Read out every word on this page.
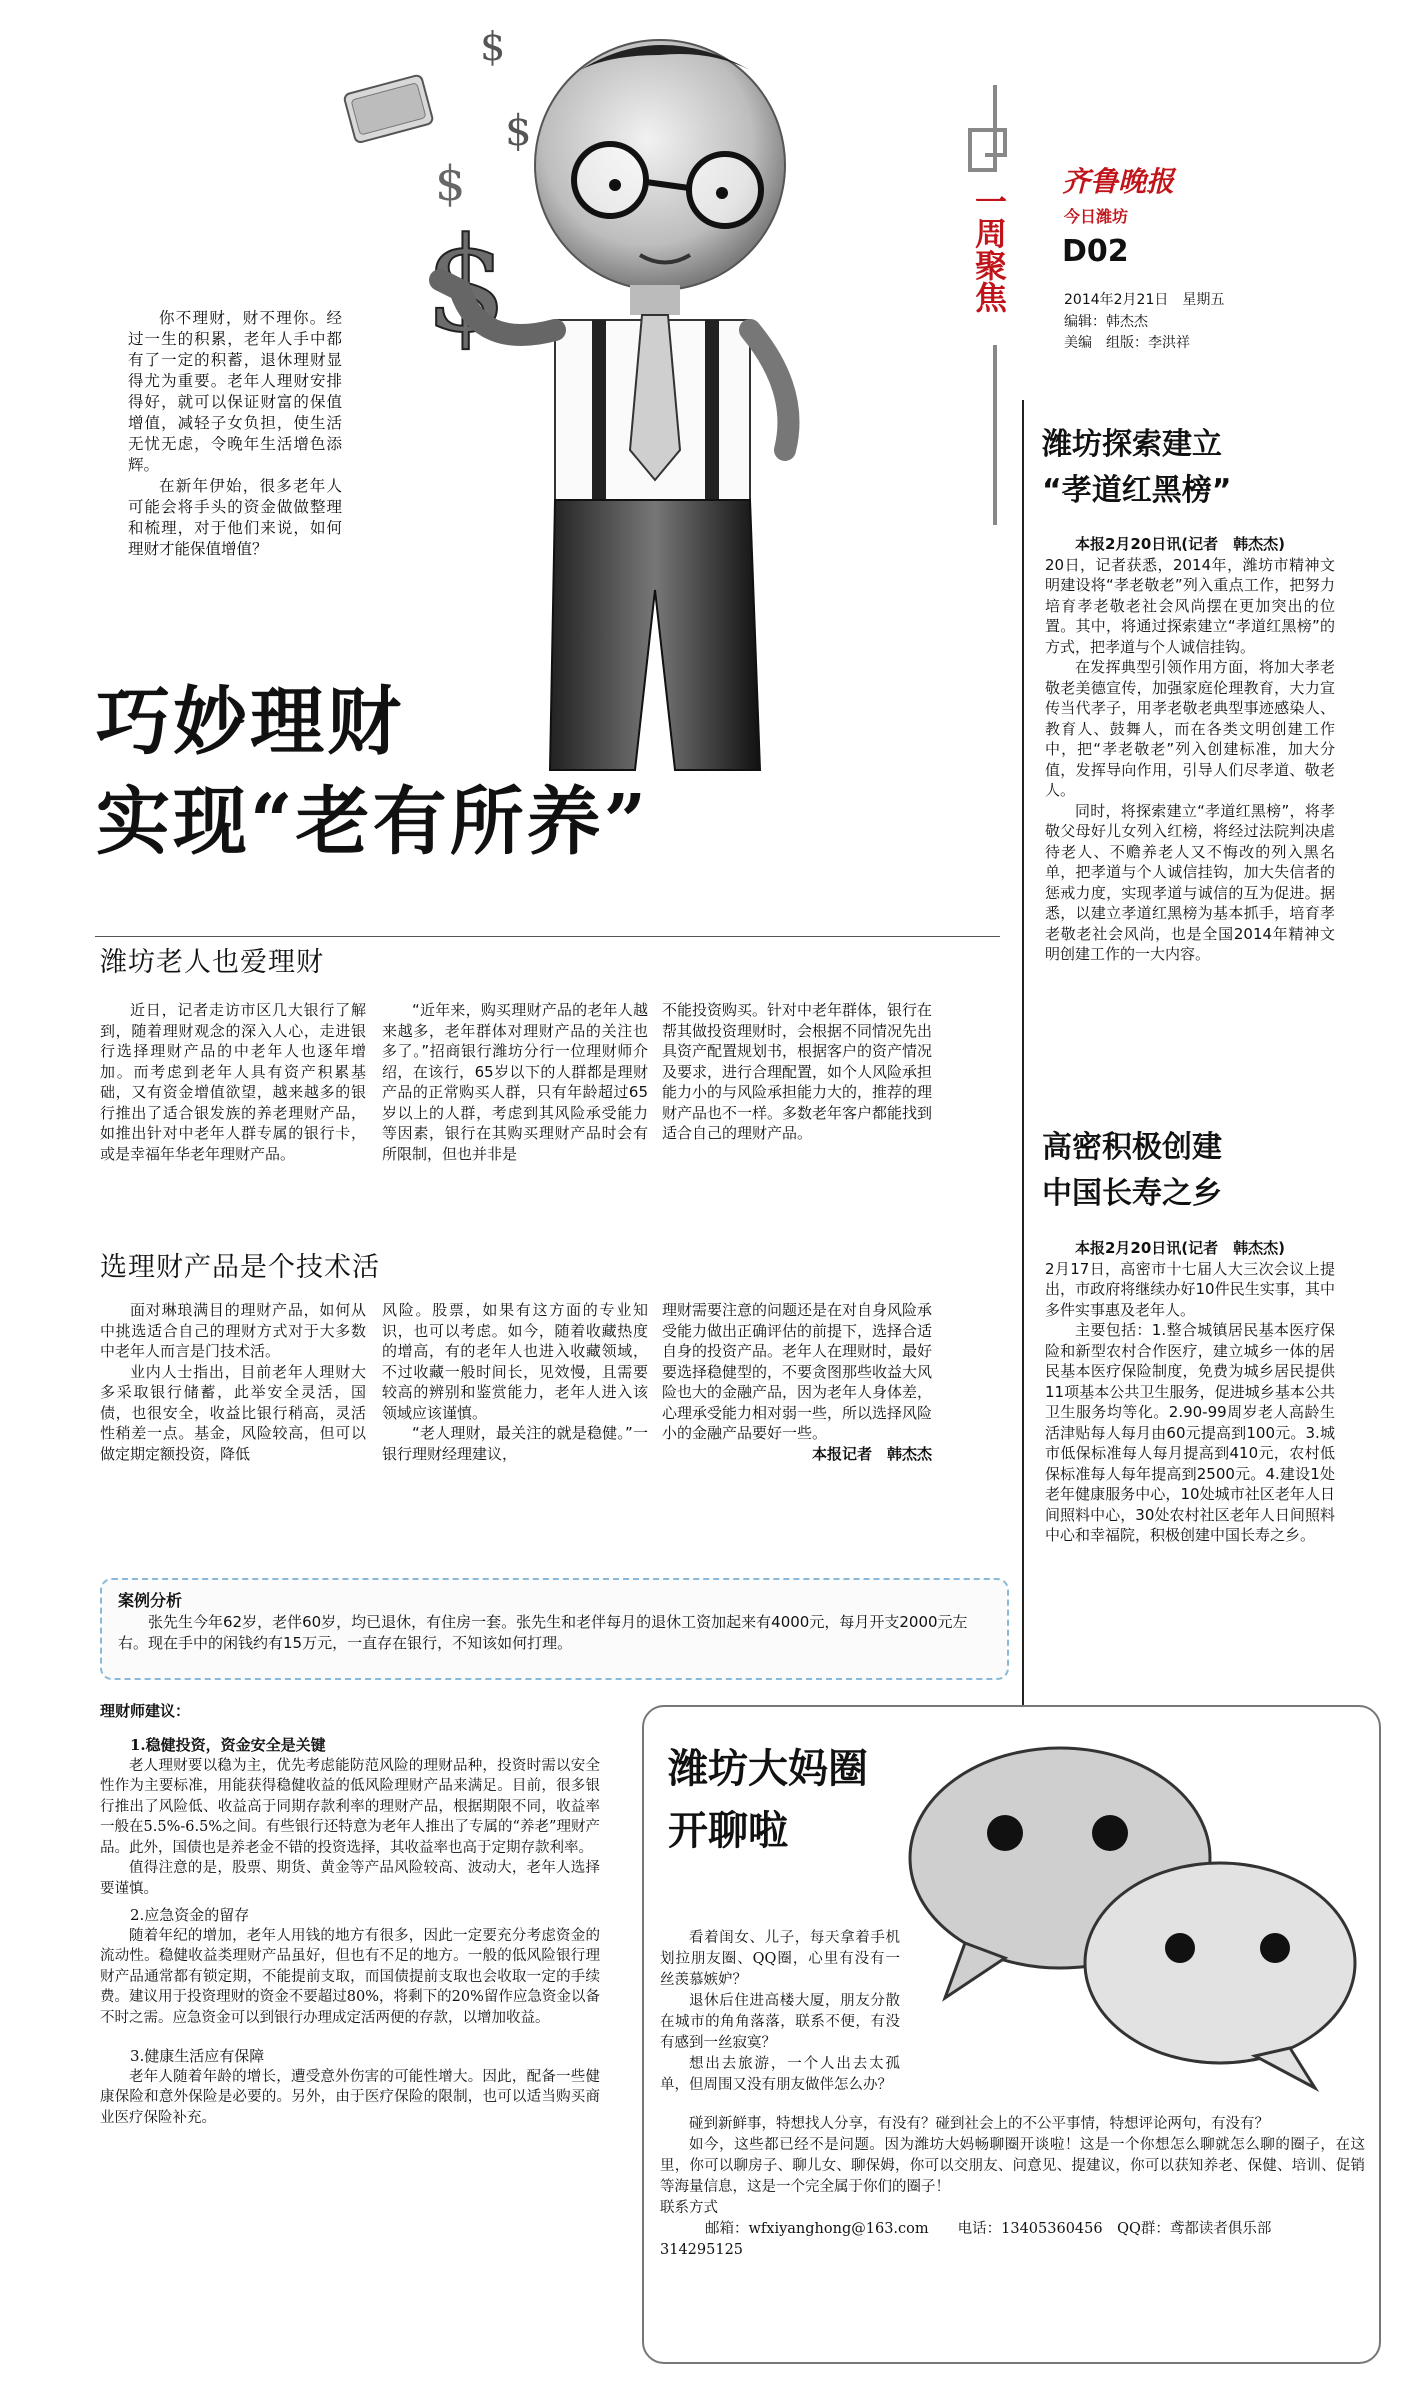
$
$
$
$

你不理财，财不理你。经过一生的积累，老年人手中都有了一定的积蓄，退休理财显得尤为重要。老年人理财安排得好，就可以保证财富的保值增值，减轻子女负担，使生活无忧无虑，令晚年生活增色添辉。

在新年伊始，很多老年人可能会将手头的资金做做整理和梳理，对于他们来说，如何理财才能保值增值？

巧妙理财
实现“老有所养”
一周聚焦
齐鲁晚报
今日潍坊
D02
2014年2月21日　星期五
编辑：韩杰杰
美编　组版：李洪祥
潍坊探索建立
“孝道红黑榜”

本报2月20日讯(记者　韩杰杰)

20日，记者获悉，2014年，潍坊市精神文明建设将“孝老敬老”列入重点工作，把努力培育孝老敬老社会风尚摆在更加突出的位置。其中，将通过探索建立“孝道红黑榜”的方式，把孝道与个人诚信挂钩。

在发挥典型引领作用方面，将加大孝老敬老美德宣传，加强家庭伦理教育，大力宣传当代孝子，用孝老敬老典型事迹感染人、教育人、鼓舞人，而在各类文明创建工作中，把“孝老敬老”列入创建标准，加大分值，发挥导向作用，引导人们尽孝道、敬老人。

同时，将探索建立“孝道红黑榜”，将孝敬父母好儿女列入红榜，将经过法院判决虐待老人、不赡养老人又不悔改的列入黑名单，把孝道与个人诚信挂钩，加大失信者的惩戒力度，实现孝道与诚信的互为促进。据悉，以建立孝道红黑榜为基本抓手，培育孝老敬老社会风尚，也是全国2014年精神文明创建工作的一大内容。

高密积极创建
中国长寿之乡

本报2月20日讯(记者　韩杰杰)

2月17日，高密市十七届人大三次会议上提出，市政府将继续办好10件民生实事，其中多件实事惠及老年人。

主要包括：1.整合城镇居民基本医疗保险和新型农村合作医疗，建立城乡一体的居民基本医疗保险制度，免费为城乡居民提供11项基本公共卫生服务，促进城乡基本公共卫生服务均等化。2.90-99周岁老人高龄生活津贴每人每月由60元提高到100元。3.城市低保标准每人每月提高到410元，农村低保标准每人每年提高到2500元。4.建设1处老年健康服务中心，10处城市社区老年人日间照料中心，30处农村社区老年人日间照料中心和幸福院，积极创建中国长寿之乡。

潍坊老人也爱理财

近日，记者走访市区几大银行了解到，随着理财观念的深入人心，走进银行选择理财产品的中老年人也逐年增加。而考虑到老年人具有资产积累基础，又有资金增值欲望，越来越多的银行推出了适合银发族的养老理财产品，如推出针对中老年人群专属的银行卡，或是幸福年华老年理财产品。

“近年来，购买理财产品的老年人越来越多，老年群体对理财产品的关注也多了。”招商银行潍坊分行一位理财师介绍，在该行，65岁以下的人群都是理财产品的正常购买人群，只有年龄超过65岁以上的人群，考虑到其风险承受能力等因素，银行在其购买理财产品时会有所限制，但也并非是

不能投资购买。针对中老年群体，银行在帮其做投资理财时，会根据不同情况先出具资产配置规划书，根据客户的资产情况及要求，进行合理配置，如个人风险承担能力小的与风险承担能力大的，推荐的理财产品也不一样。多数老年客户都能找到适合自己的理财产品。

选理财产品是个技术活

面对琳琅满目的理财产品，如何从中挑选适合自己的理财方式对于大多数中老年人而言是门技术活。

业内人士指出，目前老年人理财大多采取银行储蓄，此举安全灵活，国债，也很安全，收益比银行稍高，灵活性稍差一点。基金，风险较高，但可以做定期定额投资，降低

风险。股票，如果有这方面的专业知识，也可以考虑。如今，随着收藏热度的增高，有的老年人也进入收藏领域，不过收藏一般时间长，见效慢，且需要较高的辨别和鉴赏能力，老年人进入该领域应该谨慎。

“老人理财，最关注的就是稳健。”一银行理财经理建议，

理财需要注意的问题还是在对自身风险承受能力做出正确评估的前提下，选择合适自身的投资产品。老年人在理财时，最好要选择稳健型的，不要贪图那些收益大风险也大的金融产品，因为老年人身体差，心理承受能力相对弱一些，所以选择风险小的金融产品要好一些。

本报记者　韩杰杰

案例分析
张先生今年62岁，老伴60岁，均已退休，有住房一套。张先生和老伴每月的退休工资加起来有4000元，每月开支2000元左右。现在手中的闲钱约有15万元，一直存在银行，不知该如何打理。
理财师建议：
1.稳健投资，资金安全是关键

老人理财要以稳为主，优先考虑能防范风险的理财品种，投资时需以安全性作为主要标准，用能获得稳健收益的低风险理财产品来满足。目前，很多银行推出了风险低、收益高于同期存款利率的理财产品，根据期限不同，收益率一般在5.5%-6.5%之间。有些银行还特意为老年人推出了专属的“养老”理财产品。此外，国债也是养老金不错的投资选择，其收益率也高于定期存款利率。

值得注意的是，股票、期货、黄金等产品风险较高、波动大，老年人选择要谨慎。

2.应急资金的留存

随着年纪的增加，老年人用钱的地方有很多，因此一定要充分考虑资金的流动性。稳健收益类理财产品虽好，但也有不足的地方。一般的低风险银行理财产品通常都有锁定期，不能提前支取，而国债提前支取也会收取一定的手续费。建议用于投资理财的资金不要超过80%，将剩下的20%留作应急资金以备不时之需。应急资金可以到银行办理成定活两便的存款，以增加收益。

3.健康生活应有保障

老年人随着年龄的增长，遭受意外伤害的可能性增大。因此，配备一些健康保险和意外保险是必要的。另外，由于医疗保险的限制，也可以适当购买商业医疗保险补充。

潍坊大妈圈
开聊啦

看着闺女、儿子，每天拿着手机划拉朋友圈、QQ圈，心里有没有一丝羡慕嫉妒？

退休后住进高楼大厦，朋友分散在城市的角角落落，联系不便，有没有感到一丝寂寞？

想出去旅游，一个人出去太孤单，但周围又没有朋友做伴怎么办？

碰到新鲜事，特想找人分享，有没有？碰到社会上的不公平事情，特想评论两句，有没有？

如今，这些都已经不是问题。因为潍坊大妈畅聊圈开谈啦！这是一个你想怎么聊就怎么聊的圈子，在这里，你可以聊房子、聊儿女、聊保姆，你可以交朋友、问意见、提建议，你可以获知养老、保健、培训、促销等海量信息，这是一个完全属于你们的圈子！

联系方式
邮箱：wfxiyanghong@163.com　　电话：13405360456　QQ群：鸢都读者俱乐部
314295125
